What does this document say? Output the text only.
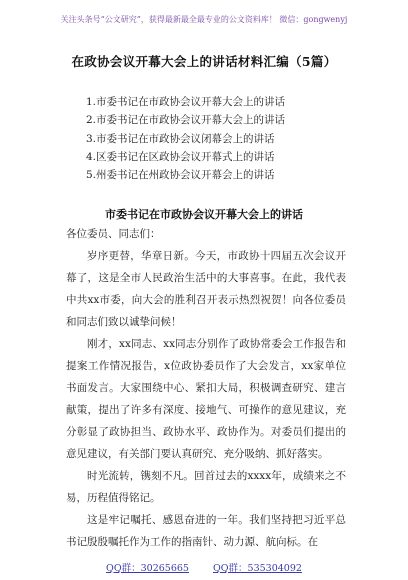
关注头条号“公文研究”，获得最新最全最专业的公文资料库！ 微信：gongwenyj
在政协会议开幕大会上的讲话材料汇编（5篇）
1.市委书记在市政协会议开幕大会上的讲话
2.市委书记在市政协会议开幕大会上的讲话
3.市委书记在市政协会议闭幕会上的讲话
4.区委书记在区政协会议开幕式上的讲话
5.州委书记在州政协会议开幕会上的讲话
市委书记在市政协会议开幕大会上的讲话
各位委员、同志们：

岁序更替，华章日新。今天，市政协十四届五次会议开幕了，这是全市人民政治生活中的大事喜事。在此，我代表中共xx市委，向大会的胜利召开表示热烈祝贺！向各位委员和同志们致以诚挚问候！

刚才，xx同志、xx同志分别作了政协常委会工作报告和提案工作情况报告，x位政协委员作了大会发言，xx家单位书面发言。大家围绕中心、紧扣大局，积极调查研究、建言献策，提出了许多有深度、接地气、可操作的意见建议，充分彰显了政协担当、政协水平、政协作为。对委员们提出的意见建议，有关部门要认真研究、充分吸纳、抓好落实。

时光流转，镌刻不凡。回首过去的xxxx年，成绩来之不易，历程值得铭记。

这是牢记嘱托、感恩奋进的一年。我们坚持把习近平总书记殷殷嘱托作为工作的指南针、动力源、航向标。在

QQ群：30265665	QQ群：535304092
